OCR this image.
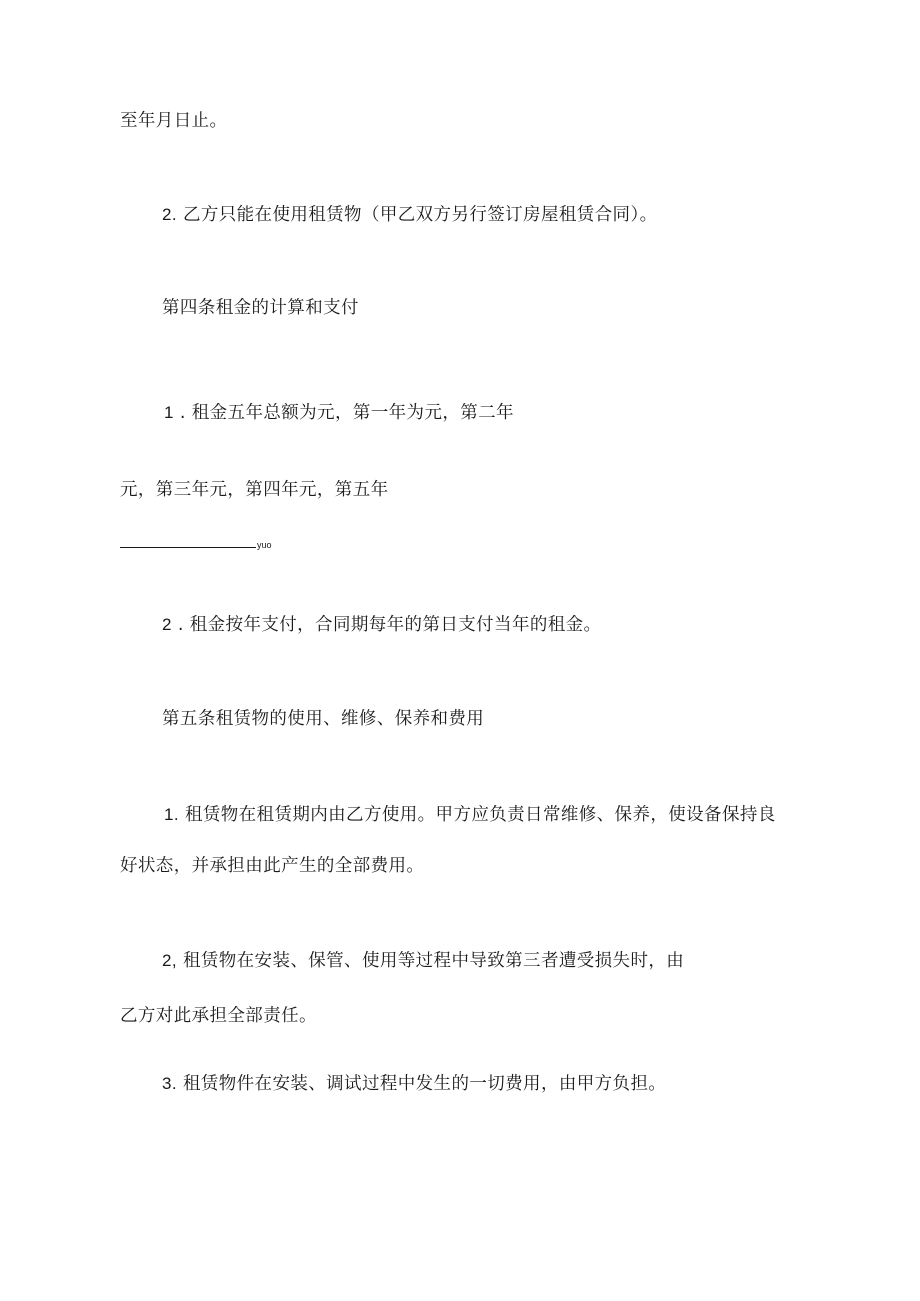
至年月日止。
2. 乙方只能在使用租赁物（甲乙双方另行签订房屋租赁合同）。
第四条租金的计算和支付
1 . 租金五年总额为元，第一年为元，第二年
元，第三年元，第四年元，第五年
yuo
2 . 租金按年支付，合同期每年的第日支付当年的租金。
第五条租赁物的使用、维修、保养和费用
1. 租赁物在租赁期内由乙方使用。甲方应负责日常维修、保养，使设备保持良
好状态，并承担由此产生的全部费用。
2, 租赁物在安装、保管、使用等过程中导致第三者遭受损失时，由
乙方对此承担全部责任。
3. 租赁物件在安装、调试过程中发生的一切费用，由甲方负担。
